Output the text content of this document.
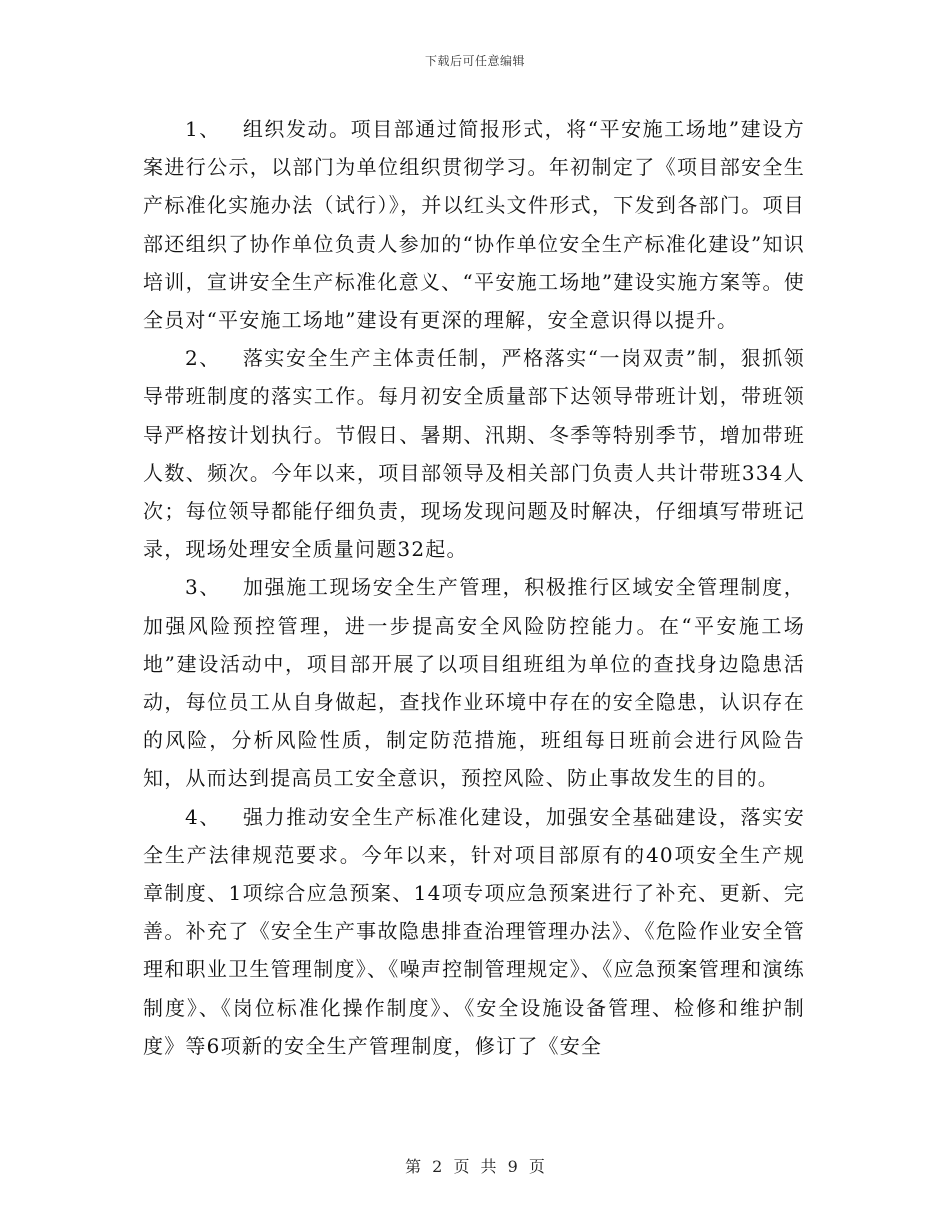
下载后可任意编辑

1、 组织发动。项目部通过简报形式，将“平安施工场地”建设方案进行公示，以部门为单位组织贯彻学习。年初制定了《项目部安全生产标准化实施办法（试行）》，并以红头文件形式，下发到各部门。项目部还组织了协作单位负责人参加的“协作单位安全生产标准化建设”知识培训，宣讲安全生产标准化意义、“平安施工场地”建设实施方案等。使全员对“平安施工场地”建设有更深的理解，安全意识得以提升。

2、 落实安全生产主体责任制，严格落实“一岗双责”制，狠抓领导带班制度的落实工作。每月初安全质量部下达领导带班计划，带班领导严格按计划执行。节假日、暑期、汛期、冬季等特别季节，增加带班人数、频次。今年以来，项目部领导及相关部门负责人共计带班334人次；每位领导都能仔细负责，现场发现问题及时解决，仔细填写带班记录，现场处理安全质量问题32起。

3、 加强施工现场安全生产管理，积极推行区域安全管理制度，加强风险预控管理，进一步提高安全风险防控能力。在“平安施工场地”建设活动中，项目部开展了以项目组班组为单位的查找身边隐患活动，每位员工从自身做起，查找作业环境中存在的安全隐患，认识存在的风险，分析风险性质，制定防范措施，班组每日班前会进行风险告知，从而达到提高员工安全意识，预控风险、防止事故发生的目的。

4、 强力推动安全生产标准化建设，加强安全基础建设，落实安全生产法律规范要求。今年以来，针对项目部原有的40项安全生产规章制度、1项综合应急预案、14项专项应急预案进行了补充、更新、完善。补充了《安全生产事故隐患排查治理管理办法》、《危险作业安全管理和职业卫生管理制度》、《噪声控制管理规定》、《应急预案管理和演练制度》、《岗位标准化操作制度》、《安全设施设备管理、检修和维护制度》等6项新的安全生产管理制度，修订了《安全

第 2 页 共 9 页
